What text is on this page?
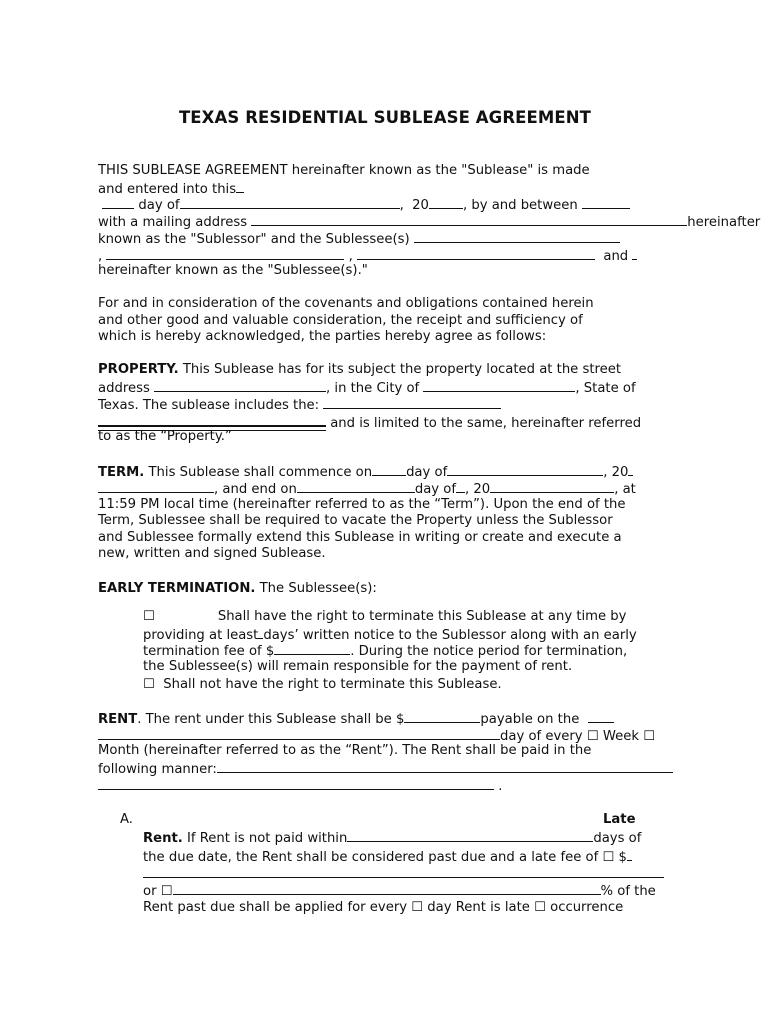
TEXAS RESIDENTIAL SUBLEASE AGREEMENT
THIS SUBLEASE AGREEMENT hereinafter known as the "Sublease" is made
and entered into this
day of	,  20	, by and between
with a mailing address	hereinafter
known as the "Sublessor" and the Sublessee(s)
,	,	and
hereinafter known as the "Sublessee(s)."
For and in consideration of the covenants and obligations contained herein
and other good and valuable consideration, the receipt and sufficiency of
which is hereby acknowledged, the parties hereby agree as follows:
PROPERTY. This Sublease has for its subject the property located at the street
address	, in the City of	, State of
Texas. The sublease includes the:
and is limited to the same, hereinafter referred
to as the “Property.”
TERM. This Sublease shall commence on	day of	, 20
, and end on	day of , 20	, at
11:59 PM local time (hereinafter referred to as the “Term”). Upon the end of the
Term, Sublessee shall be required to vacate the Property unless the Sublessor
and Sublessee formally extend this Sublease in writing or create and execute a
new, written and signed Sublease.
EARLY TERMINATION. The Sublessee(s):
☐	Shall have the right to terminate this Sublease at any time by
providing at least days’ written notice to the Sublessor along with an early
termination fee of $	. During the notice period for termination,
the Sublessee(s) will remain responsible for the payment of rent.
☐ Shall not have the right to terminate this Sublease.
RENT. The rent under this Sublease shall be $	payable on the
day of every ☐ Week ☐
Month (hereinafter referred to as the “Rent”). The Rent shall be paid in the
following manner:
.
A.	Late
Rent. If Rent is not paid within	days of
the due date, the Rent shall be considered past due and a late fee of ☐ $
or ☐	% of the
Rent past due shall be applied for every ☐ day Rent is late ☐ occurrence
